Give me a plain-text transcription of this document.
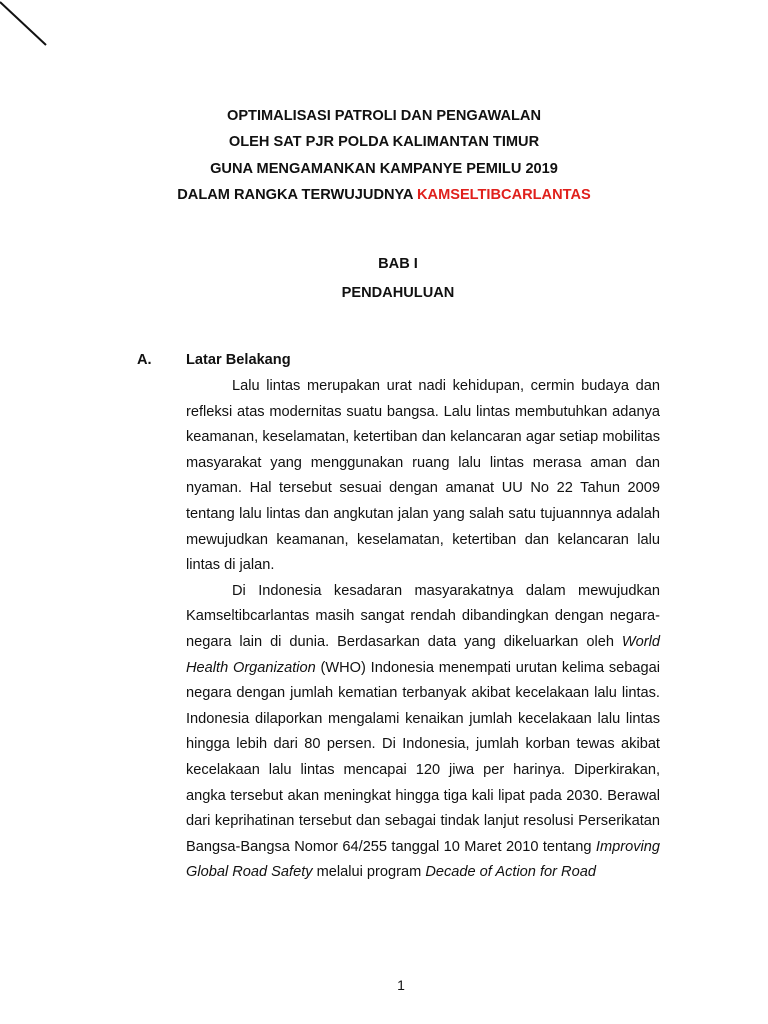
OPTIMALISASI PATROLI DAN PENGAWALAN
OLEH SAT PJR POLDA KALIMANTAN TIMUR
GUNA MENGAMANKAN KAMPANYE PEMILU 2019
DALAM RANGKA TERWUJUDNYA KAMSELTIBCARLANTAS
BAB I
PENDAHULUAN
A. Latar Belakang

Lalu lintas merupakan urat nadi kehidupan, cermin budaya dan refleksi atas modernitas suatu bangsa. Lalu lintas membutuhkan adanya keamanan, keselamatan, ketertiban dan kelancaran agar setiap mobilitas masyarakat yang menggunakan ruang lalu lintas merasa aman dan nyaman. Hal tersebut sesuai dengan amanat UU No 22 Tahun 2009 tentang lalu lintas dan angkutan jalan yang salah satu tujuannnya adalah mewujudkan keamanan, keselamatan, ketertiban dan kelancaran lalu lintas di jalan.

Di Indonesia kesadaran masyarakatnya dalam mewujudkan Kamseltibcarlantas masih sangat rendah dibandingkan dengan negara-negara lain di dunia. Berdasarkan data yang dikeluarkan oleh World Health Organization (WHO) Indonesia menempati urutan kelima sebagai negara dengan jumlah kematian terbanyak akibat kecelakaan lalu lintas. Indonesia dilaporkan mengalami kenaikan jumlah kecelakaan lalu lintas hingga lebih dari 80 persen. Di Indonesia, jumlah korban tewas akibat kecelakaan lalu lintas mencapai 120 jiwa per harinya. Diperkirakan, angka tersebut akan meningkat hingga tiga kali lipat pada 2030. Berawal dari keprihatinan tersebut dan sebagai tindak lanjut resolusi Perserikatan Bangsa-Bangsa Nomor 64/255 tanggal 10 Maret 2010 tentang Improving Global Road Safety melalui program Decade of Action for Road

1
